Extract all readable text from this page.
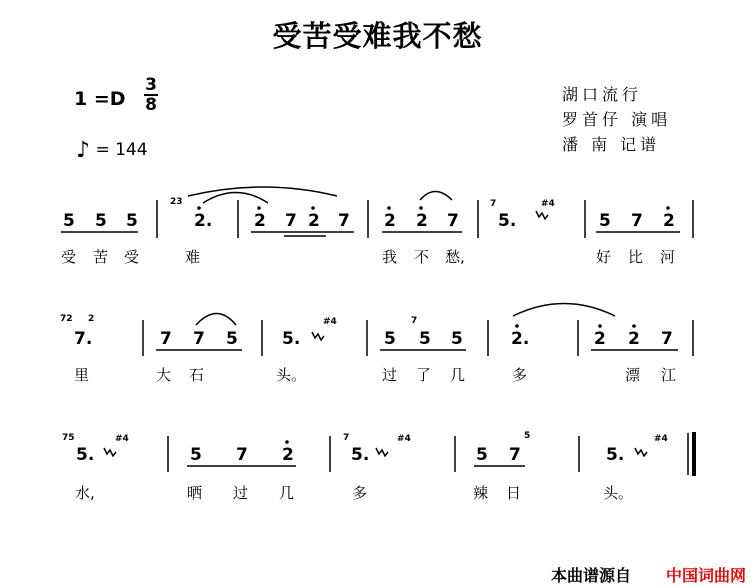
受苦受难我不愁
1 =D
3
8
♪ = 144
湖口流行
罗首仔 演唱
潘 南 记谱
5 5 5
23
2. 2 7 2 7 2 2 7
7
5.
#4
5 7 2
受 苦 受	难	我 不 愁,	好 比 河
72 2
7.	7 7 5	5.
#4
5
7
5 5	2.	2 2 7
里	大 石	头。	过 了 几	多	漂 江
75
5.
#4
5 7 2
7
5.
#4
5 7
5
5.
#4
水,	晒 过 几	多	辣 日	头。
本曲谱源自 中国词曲网
